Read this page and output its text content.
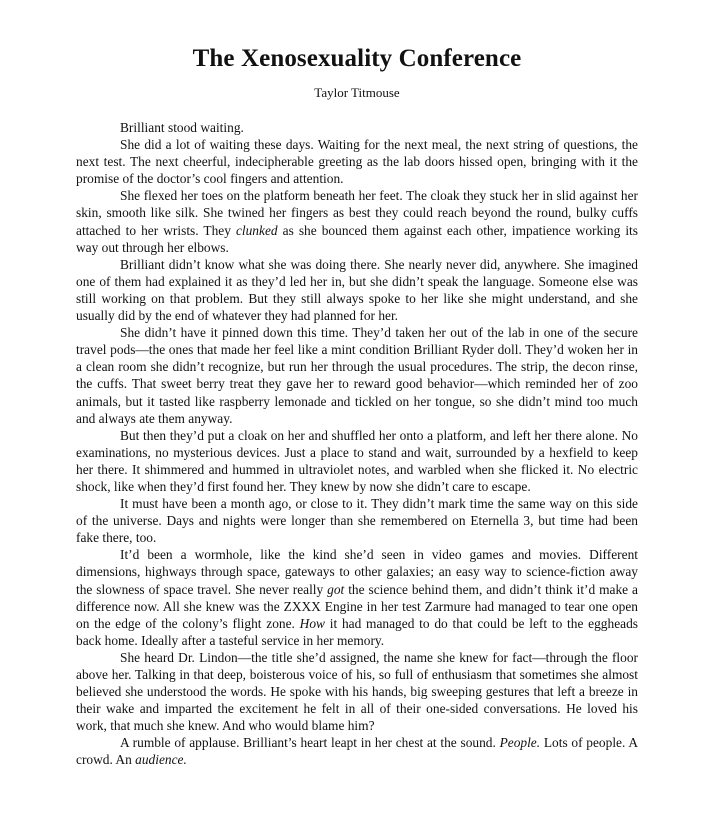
The Xenosexuality Conference
Taylor Titmouse

Brilliant stood waiting.

She did a lot of waiting these days. Waiting for the next meal, the next string of questions, the next test. The next cheerful, indecipherable greeting as the lab doors hissed open, bringing with it the promise of the doctor’s cool fingers and attention.

She flexed her toes on the platform beneath her feet. The cloak they stuck her in slid against her skin, smooth like silk. She twined her fingers as best they could reach beyond the round, bulky cuffs attached to her wrists. They clunked as she bounced them against each other, impatience working its way out through her elbows.

Brilliant didn’t know what she was doing there. She nearly never did, anywhere. She imagined one of them had explained it as they’d led her in, but she didn’t speak the language. Someone else was still working on that problem. But they still always spoke to her like she might understand, and she usually did by the end of whatever they had planned for her.

She didn’t have it pinned down this time. They’d taken her out of the lab in one of the secure travel pods—the ones that made her feel like a mint condition Brilliant Ryder doll. They’d woken her in a clean room she didn’t recognize, but run her through the usual procedures. The strip, the decon rinse, the cuffs. That sweet berry treat they gave her to reward good behavior—which reminded her of zoo animals, but it tasted like raspberry lemonade and tickled on her tongue, so she didn’t mind too much and always ate them anyway.

But then they’d put a cloak on her and shuffled her onto a platform, and left her there alone. No examinations, no mysterious devices. Just a place to stand and wait, surrounded by a hexfield to keep her there. It shimmered and hummed in ultraviolet notes, and warbled when she flicked it. No electric shock, like when they’d first found her. They knew by now she didn’t care to escape.

It must have been a month ago, or close to it. They didn’t mark time the same way on this side of the universe. Days and nights were longer than she remembered on Eternella 3, but time had been fake there, too.

It’d been a wormhole, like the kind she’d seen in video games and movies. Different dimensions, highways through space, gateways to other galaxies; an easy way to science-fiction away the slowness of space travel. She never really got the science behind them, and didn’t think it’d make a difference now. All she knew was the ZXXX Engine in her test Zarmure had managed to tear one open on the edge of the colony’s flight zone. How it had managed to do that could be left to the eggheads back home. Ideally after a tasteful service in her memory.

She heard Dr. Lindon—the title she’d assigned, the name she knew for fact—through the floor above her. Talking in that deep, boisterous voice of his, so full of enthusiasm that sometimes she almost believed she understood the words. He spoke with his hands, big sweeping gestures that left a breeze in their wake and imparted the excitement he felt in all of their one-sided conversations. He loved his work, that much she knew. And who would blame him?

A rumble of applause. Brilliant’s heart leapt in her chest at the sound. People. Lots of people. A crowd. An audience.
